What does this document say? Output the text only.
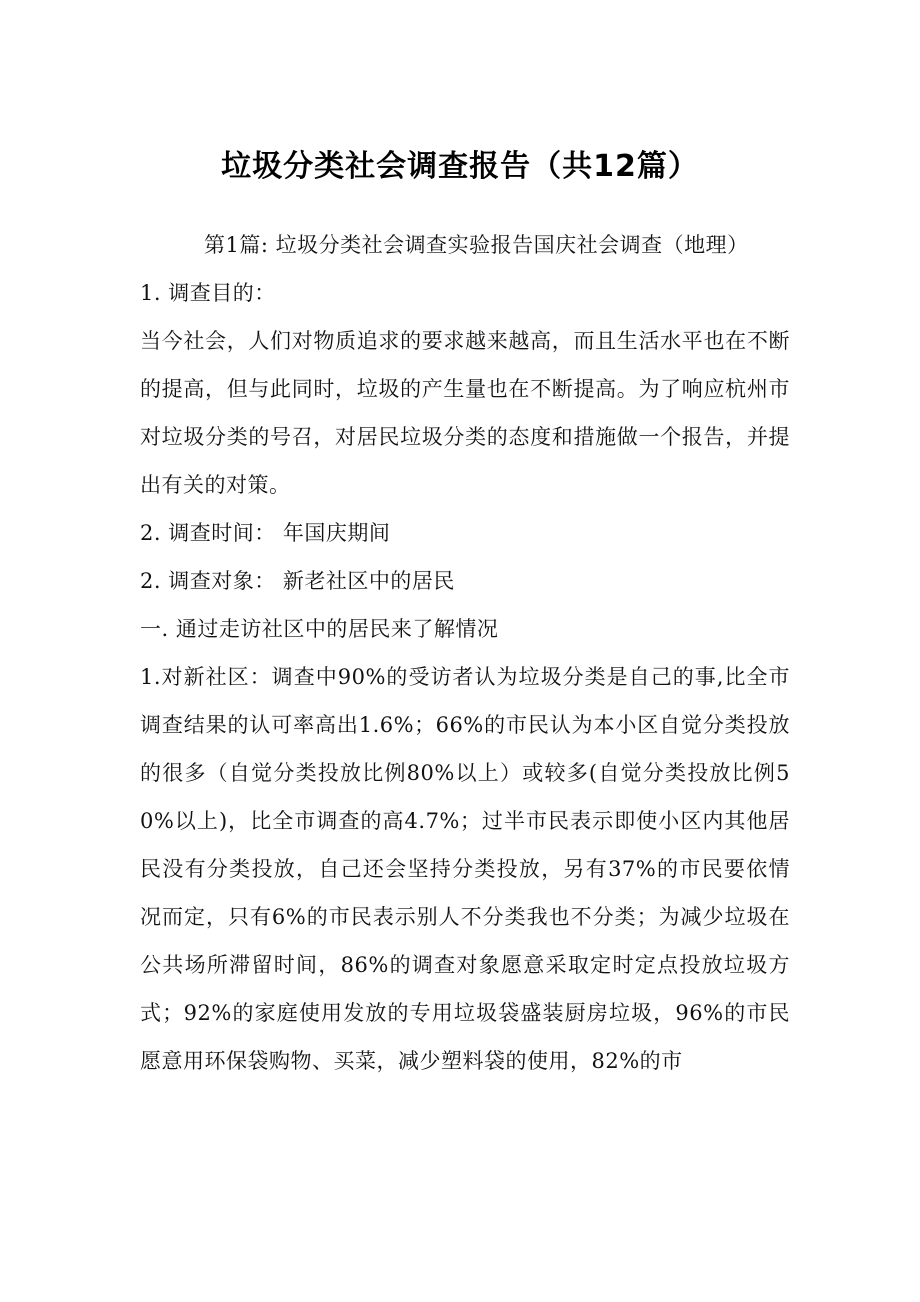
垃圾分类社会调查报告（共12篇）

第1篇: 垃圾分类社会调查实验报告国庆社会调查（地理）

1. 调查目的：

当今社会，人们对物质追求的要求越来越高，而且生活水平也在不断的提高，但与此同时，垃圾的产生量也在不断提高。为了响应杭州市对垃圾分类的号召，对居民垃圾分类的态度和措施做一个报告，并提出有关的对策。

2. 调查时间： 年国庆期间

2. 调查对象： 新老社区中的居民

一. 通过走访社区中的居民来了解情况

1.对新社区：调查中90%的受访者认为垃圾分类是自己的事,比全市调查结果的认可率高出1.6%；66%的市民认为本小区自觉分类投放的很多（自觉分类投放比例80%以上）或较多(自觉分类投放比例50%以上)，比全市调查的高4.7%；过半市民表示即使小区内其他居民没有分类投放，自己还会坚持分类投放，另有37%的市民要依情况而定，只有6%的市民表示别人不分类我也不分类；为减少垃圾在公共场所滞留时间，86%的调查对象愿意采取定时定点投放垃圾方式；92%的家庭使用发放的专用垃圾袋盛装厨房垃圾，96%的市民愿意用环保袋购物、买菜，减少塑料袋的使用，82%的市
